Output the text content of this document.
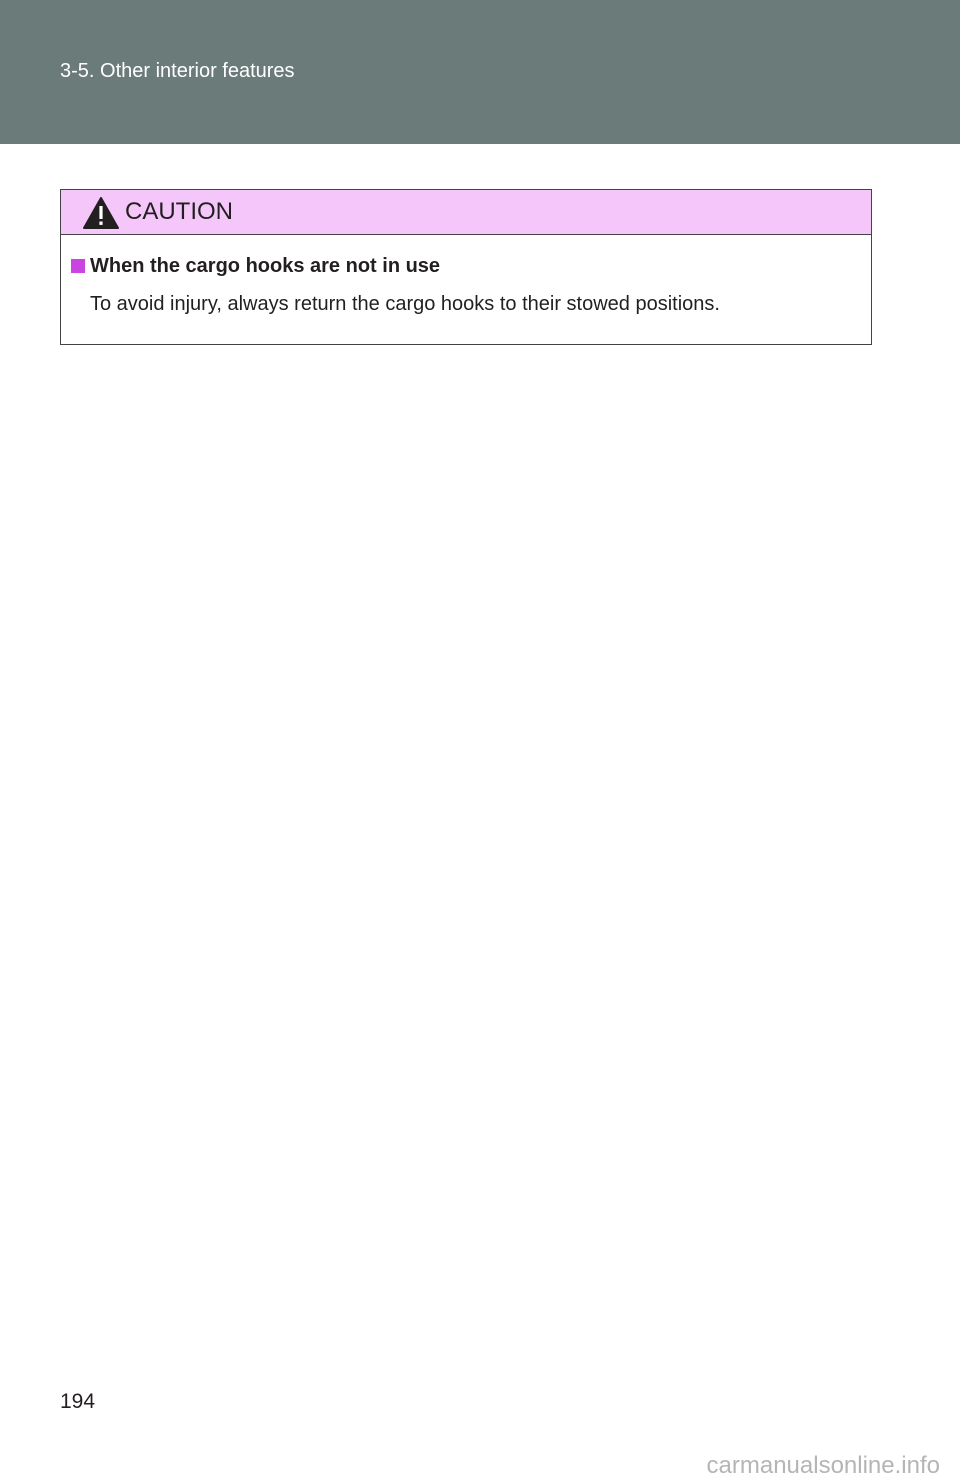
3-5. Other interior features
CAUTION
When the cargo hooks are not in use
To avoid injury, always return the cargo hooks to their stowed positions.
194
carmanualsonline.info
